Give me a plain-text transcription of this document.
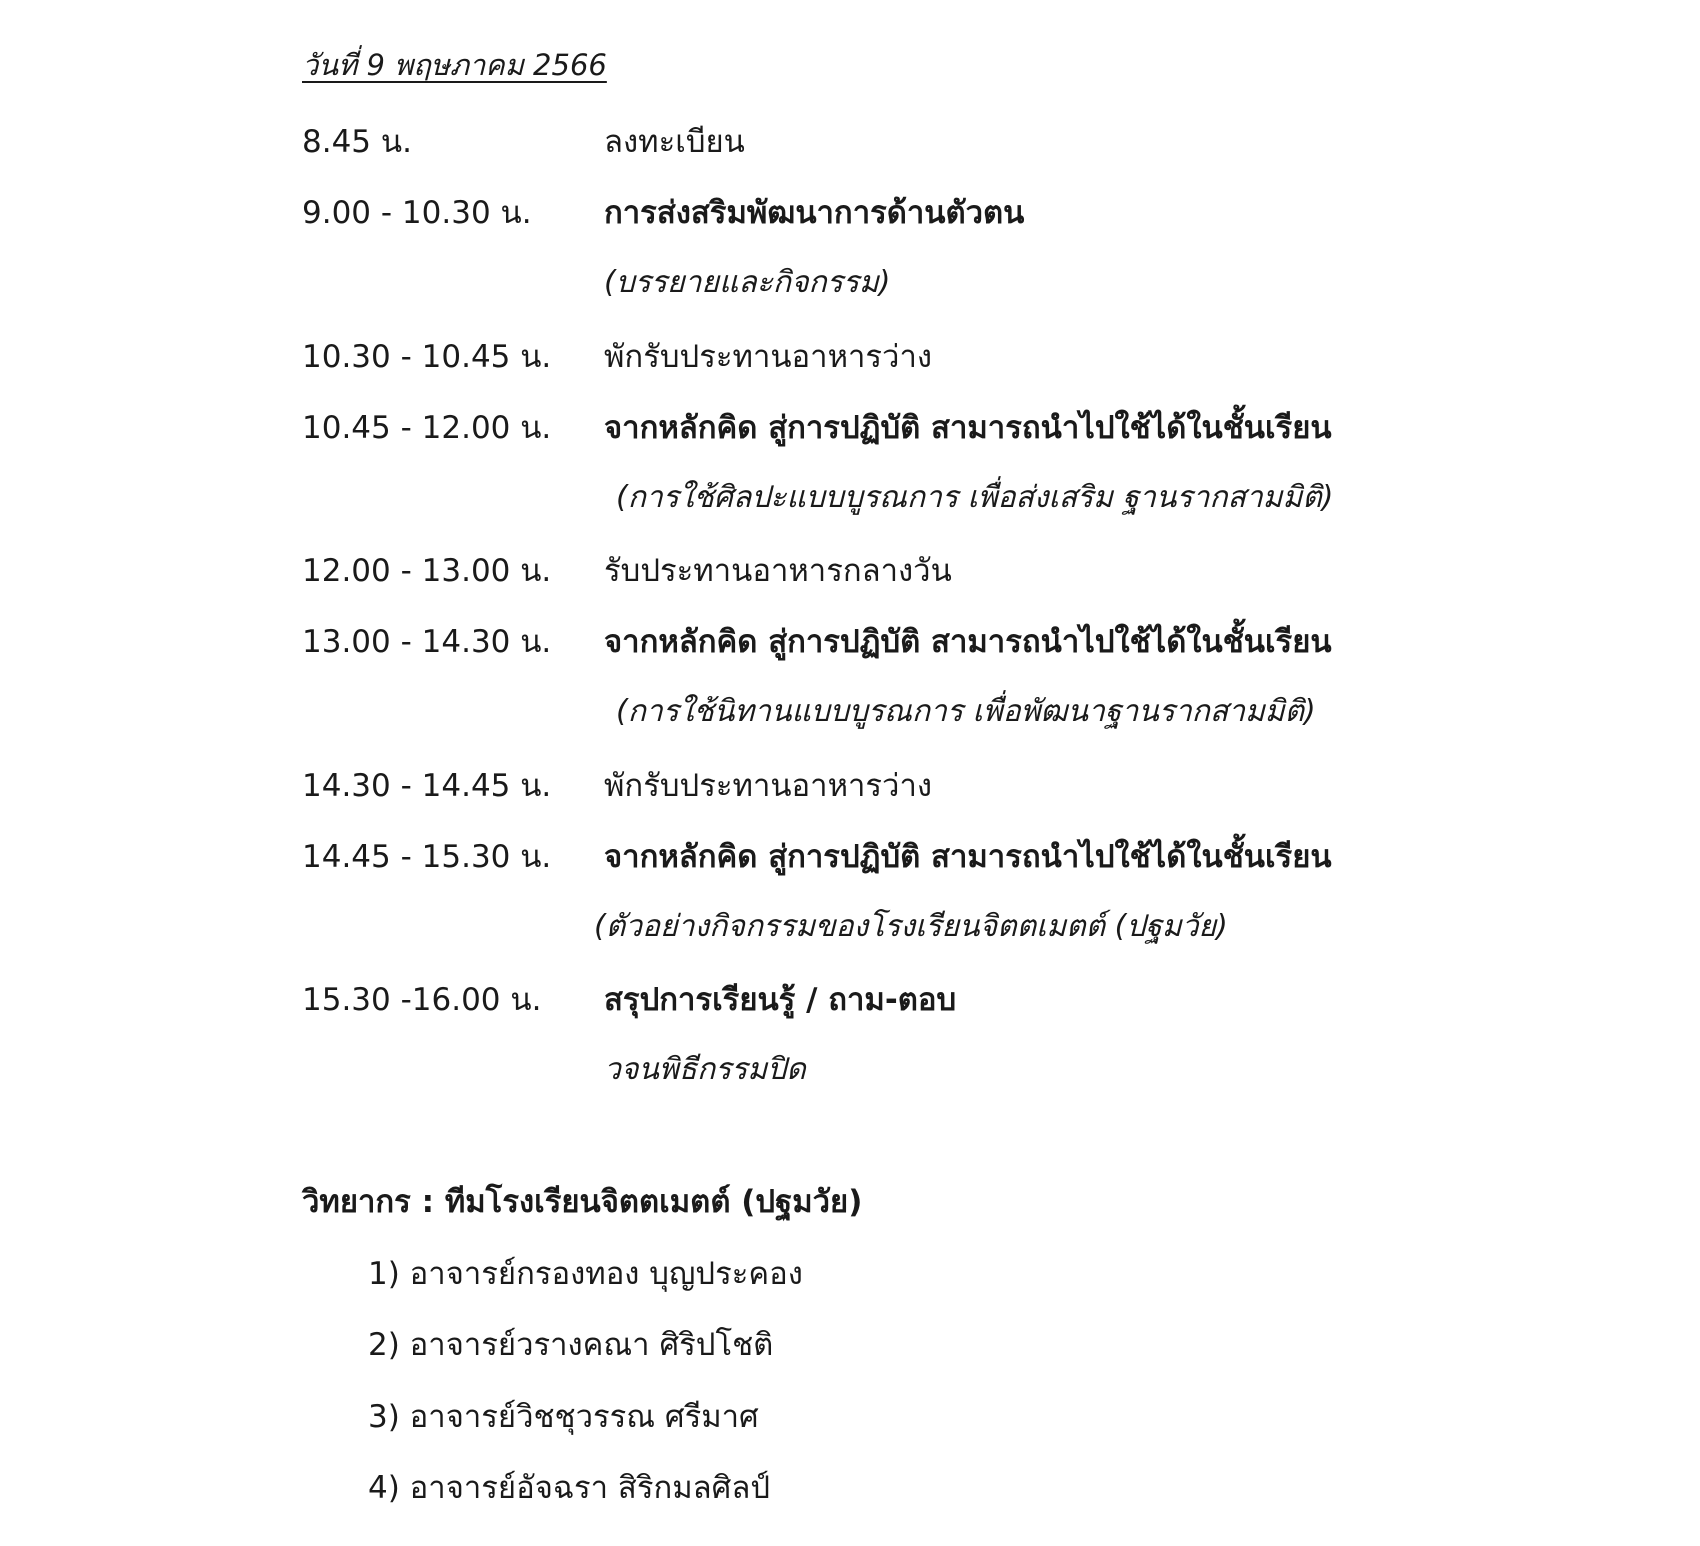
วันที่ 9 พฤษภาคม 2566
8.45 น.	ลงทะเบียน
9.00 - 10.30 น. การส่งสริมพัฒนาการด้านตัวตน
(บรรยายและกิจกรรม)
10.30 - 10.45 น. พักรับประทานอาหารว่าง
10.45 - 12.00 น. จากหลักคิด สู่การปฏิบัติ สามารถนำไปใช้ได้ในชั้นเรียน
(การใช้ศิลปะแบบบูรณการ เพื่อส่งเสริม ฐานรากสามมิติ)
12.00 - 13.00 น. รับประทานอาหารกลางวัน
13.00 - 14.30 น. จากหลักคิด สู่การปฏิบัติ สามารถนำไปใช้ได้ในชั้นเรียน
(การใช้นิทานแบบบูรณการ เพื่อพัฒนาฐานรากสามมิติ)
14.30 - 14.45 น. พักรับประทานอาหารว่าง
14.45 - 15.30 น. จากหลักคิด สู่การปฏิบัติ สามารถนำไปใช้ได้ในชั้นเรียน
(ตัวอย่างกิจกรรมของโรงเรียนจิตตเมตต์ (ปฐมวัย)
15.30 -16.00 น. สรุปการเรียนรู้ / ถาม-ตอบ
วจนพิธีกรรมปิด
วิทยากร : ทีมโรงเรียนจิตตเมตต์ (ปฐมวัย)
1) อาจารย์กรองทอง บุญประคอง
2) อาจารย์วรางคณา ศิริปโชติ
3) อาจารย์วิชชุวรรณ ศรีมาศ
4) อาจารย์อัจฉรา สิริกมลศิลป์
